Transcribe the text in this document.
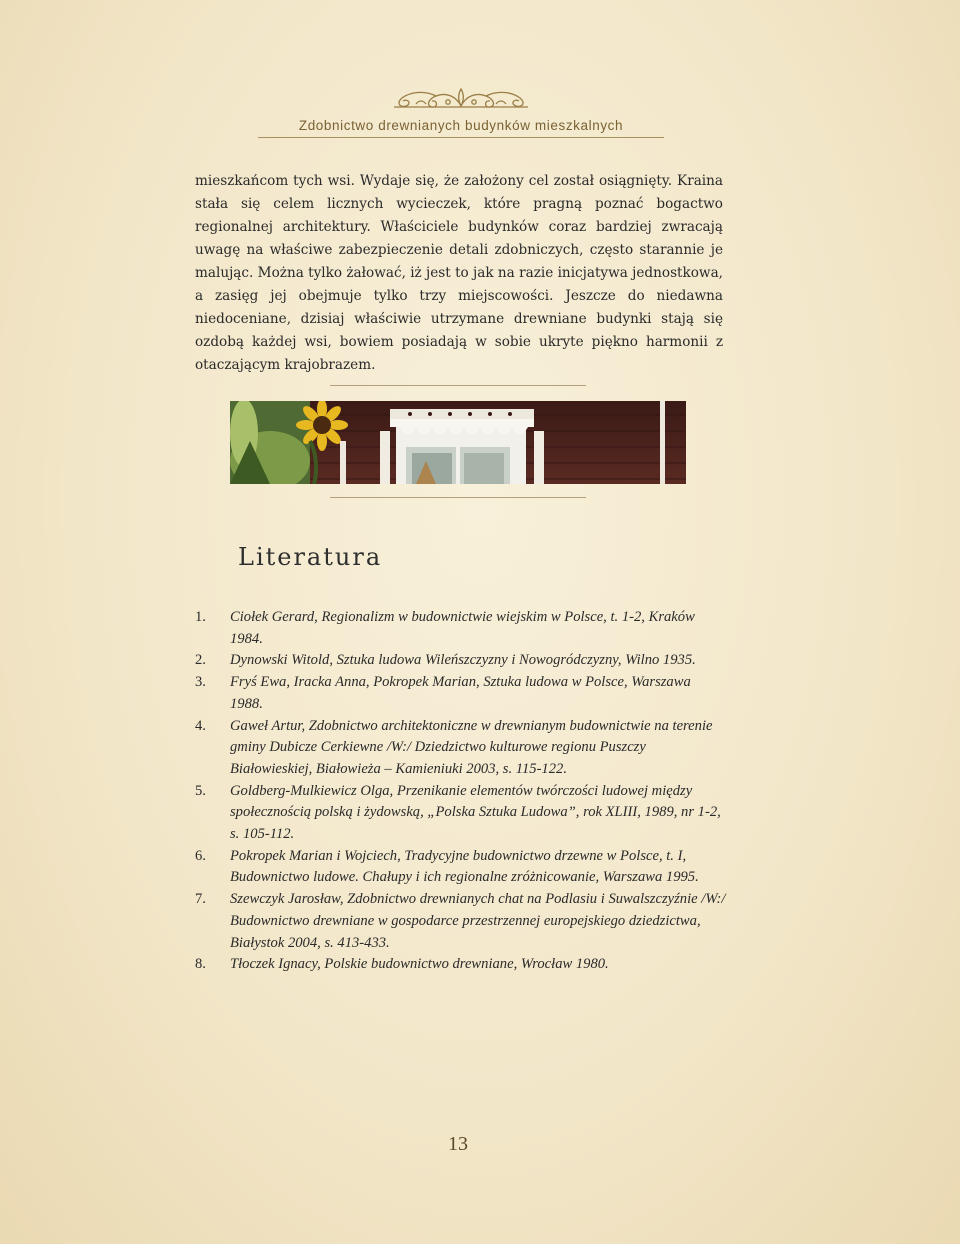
Zdobnictwo drewnianych budynków mieszkalnych

mieszkańcom tych wsi. Wydaje się, że założony cel został osiągnięty. Kraina stała się celem licznych wycieczek, które pragną poznać bogactwo regionalnej architektury. Właściciele budynków coraz bardziej zwracają uwagę na właściwe zabezpieczenie detali zdobniczych, często starannie je malując. Można tylko żałować, iż jest to jak na razie inicjatywa jednostkowa, a zasięg jej obejmuje tylko trzy miejscowości. Jeszcze do niedawna niedoceniane, dzisiaj właściwie utrzymane drewniane budynki stają się ozdobą każdej wsi, bowiem posiadają w sobie ukryte piękno harmonii z otaczającym krajobrazem.

Literatura
1.	Ciołek Gerard, Regionalizm w budownictwie wiejskim w Polsce, t. 1-2, Kraków 1984.
2.	Dynowski Witold, Sztuka ludowa Wileńszczyzny i Nowogródczyzny, Wilno 1935.
3.	Fryś Ewa, Iracka Anna, Pokropek Marian, Sztuka ludowa w Polsce, Warszawa 1988.
4.	Gaweł Artur, Zdobnictwo architektoniczne w drewnianym budownictwie na terenie gminy Dubicze Cerkiewne /W:/ Dziedzictwo kulturowe regionu Puszczy Białowieskiej, Białowieża – Kamieniuki 2003, s. 115-122.
5.	Goldberg-Mulkiewicz Olga, Przenikanie elementów twórczości ludowej między społecznością polską i żydowską, „Polska Sztuka Ludowa”, rok XLIII, 1989, nr 1-2, s. 105-112.
6.	Pokropek Marian i Wojciech, Tradycyjne budownictwo drzewne w Polsce, t. I, Budownictwo ludowe. Chałupy i ich regionalne zróżnicowanie, Warszawa 1995.
7.	Szewczyk Jarosław, Zdobnictwo drewnianych chat na Podlasiu i Suwalszczyźnie /W:/ Budownictwo drewniane w gospodarce przestrzennej europejskiego dziedzictwa, Białystok 2004, s. 413-433.
8.	Tłoczek Ignacy, Polskie budownictwo drewniane, Wrocław 1980.
13
